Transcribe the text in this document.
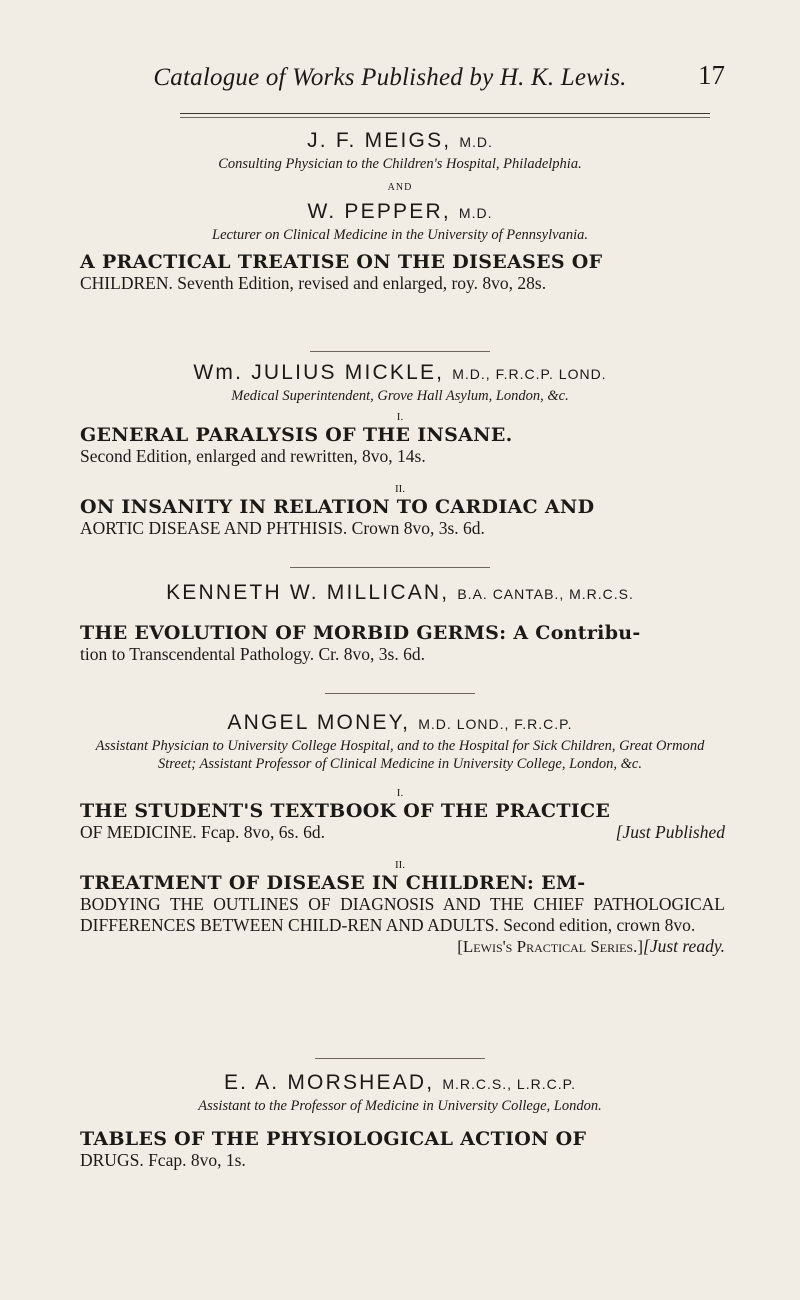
Catalogue of Works Published by H. K. Lewis.	17
J. F. MEIGS, M.D.
Consulting Physician to the Children's Hospital, Philadelphia.
AND
W. PEPPER, M.D.
Lecturer on Clinical Medicine in the University of Pennsylvania.
A PRACTICAL TREATISE ON THE DISEASES OF
CHILDREN. Seventh Edition, revised and enlarged, roy. 8vo, 28s.
Wm. JULIUS MICKLE, M.D., F.R.C.P. LOND.
Medical Superintendent, Grove Hall Asylum, London, &c.
I.
GENERAL PARALYSIS OF THE INSANE.
Second Edition, enlarged and rewritten, 8vo, 14s.
II.
ON INSANITY IN RELATION TO CARDIAC AND
AORTIC DISEASE AND PHTHISIS. Crown 8vo, 3s. 6d.
KENNETH W. MILLICAN, B.A. CANTAB., M.R.C.S.
THE EVOLUTION OF MORBID GERMS: A Contribu-
tion to Transcendental Pathology. Cr. 8vo, 3s. 6d.
ANGEL MONEY, M.D. LOND., F.R.C.P.
Assistant Physician to University College Hospital, and to the Hospital for Sick Children, Great Ormond Street; Assistant Professor of Clinical Medicine in University College, London, &c.
I.
THE STUDENT'S TEXTBOOK OF THE PRACTICE
OF MEDICINE. Fcap. 8vo, 6s. 6d.	[Just Published
II.
TREATMENT OF DISEASE IN CHILDREN: EM-
BODYING THE OUTLINES OF DIAGNOSIS AND THE CHIEF PATHOLOGICAL DIFFERENCES BETWEEN CHILD-REN AND ADULTS. Second edition, crown 8vo.
[Just ready.
[Lewis's Practical Series.]
E. A. MORSHEAD, M.R.C.S., L.R.C.P.
Assistant to the Professor of Medicine in University College, London.
TABLES OF THE PHYSIOLOGICAL ACTION OF
DRUGS. Fcap. 8vo, 1s.
